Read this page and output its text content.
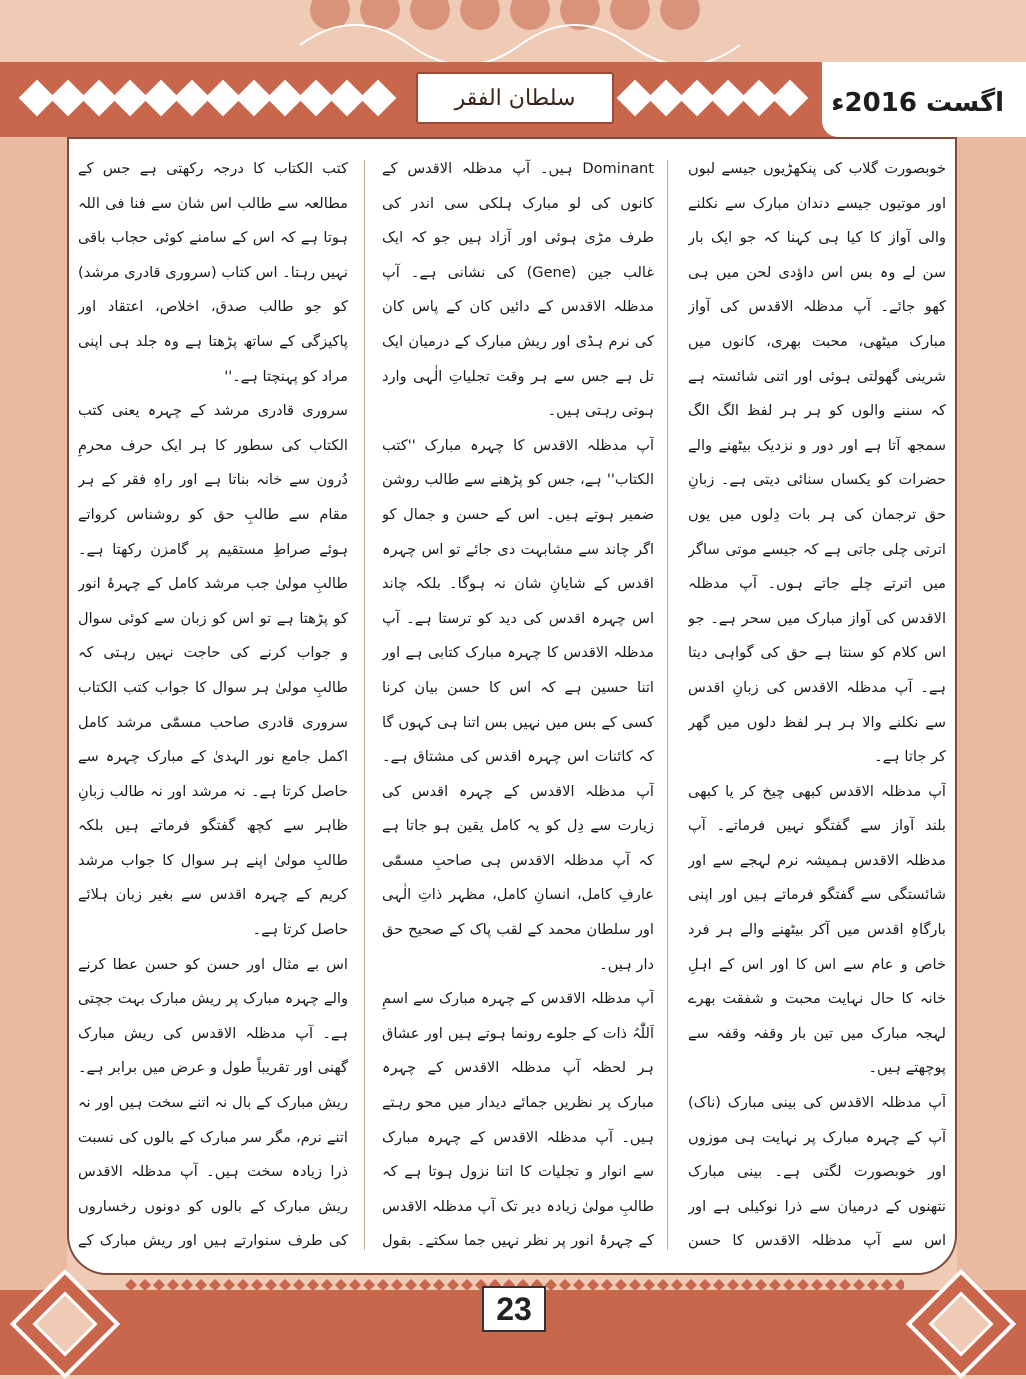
سلطان الفقر	اگست 2016ء

خوبصورت گلاب کی پنکھڑیوں جیسے لبوں اور موتیوں جیسے دندان مبارک سے نکلنے والی آواز کا کیا ہی کہنا کہ جو ایک بار سن لے وہ بس اس داؤدی لحن میں ہی کھو جائے۔ آپ مدظلہ الاقدس کی آواز مبارک میٹھی، محبت بھری، کانوں میں شرینی گھولتی ہوئی اور اتنی شائستہ ہے کہ سننے والوں کو ہر ہر لفظ الگ الگ سمجھ آتا ہے اور دور و نزدیک بیٹھنے والے حضرات کو یکساں سنائی دیتی ہے۔ زبانِ حق ترجمان کی ہر بات دِلوں میں یوں اترتی چلی جاتی ہے کہ جیسے موتی ساگر میں اترتے چلے جاتے ہوں۔ آپ مدظلہ الاقدس کی آواز مبارک میں سحر ہے۔ جو اس کلام کو سنتا ہے حق کی گواہی دیتا ہے۔ آپ مدظلہ الاقدس کی زبانِ اقدس سے نکلنے والا ہر ہر لفظ دلوں میں گھر کر جاتا ہے۔

آپ مدظلہ الاقدس کبھی چیخ کر یا کبھی بلند آواز سے گفتگو نہیں فرماتے۔ آپ مدظلہ الاقدس ہمیشہ نرم لہجے سے اور شائستگی سے گفتگو فرماتے ہیں اور اپنی بارگاہِ اقدس میں آکر بیٹھنے والے ہر فرد خاص و عام سے اس کا اور اس کے اہلِ خانہ کا حال نہایت محبت و شفقت بھرے لہجہ مبارک میں تین بار وقفہ وقفہ سے پوچھتے ہیں۔

آپ مدظلہ الاقدس کی بینی مبارک (ناک) آپ کے چہرہ مبارک پر نہایت ہی موزوں اور خوبصورت لگتی ہے۔ بینی مبارک نتھنوں کے درمیان سے ذرا نوکیلی ہے اور اس سے آپ مدظلہ الاقدس کا حسن

Dominant ہیں۔ آپ مدظلہ الاقدس کے کانوں کی لو مبارک ہلکی سی اندر کی طرف مڑی ہوئی اور آزاد ہیں جو کہ ایک غالب جین (Gene) کی نشانی ہے۔ آپ مدظلہ الاقدس کے دائیں کان کے پاس کان کی نرم ہڈی اور ریش مبارک کے درمیان ایک تل ہے جس سے ہر وقت تجلیاتِ الٰہی وارد ہوتی رہتی ہیں۔

آپ مدظلہ الاقدس کا چہرہ مبارک ''کتب الکتاب'' ہے، جس کو پڑھنے سے طالب روشن ضمیر ہوتے ہیں۔ اس کے حسن و جمال کو اگر چاند سے مشابہت دی جائے تو اس چہرہ اقدس کے شایانِ شان نہ ہوگا۔ بلکہ چاند اس چہرہ اقدس کی دید کو ترستا ہے۔ آپ مدظلہ الاقدس کا چہرہ مبارک کتابی ہے اور اتنا حسین ہے کہ اس کا حسن بیان کرنا کسی کے بس میں نہیں بس اتنا ہی کہوں گا کہ کائنات اس چہرہ اقدس کی مشتاق ہے۔ آپ مدظلہ الاقدس کے چہرہ اقدس کی زیارت سے دِل کو یہ کامل یقین ہو جاتا ہے کہ آپ مدظلہ الاقدس ہی صاحبِ مسمّٰی عارفِ کامل، انسانِ کامل، مظہر ذاتِ الٰہی اور سلطان محمد کے لقب پاک کے صحیح حق دار ہیں۔

آپ مدظلہ الاقدس کے چہرہ مبارک سے اسمِ اَللّٰہُ ذات کے جلوے رونما ہوتے ہیں اور عشاق ہر لحظہ آپ مدظلہ الاقدس کے چہرہ مبارک پر نظریں جمائے دیدار میں محو رہتے ہیں۔ آپ مدظلہ الاقدس کے چہرہ مبارک سے انوار و تجلیات کا اتنا نزول ہوتا ہے کہ طالبِ مولیٰ زیادہ دیر تک آپ مدظلہ الاقدس کے چہرۂ انور پر نظر نہیں جما سکتے۔ بقول

کتب الکتاب کا درجہ رکھتی ہے جس کے مطالعہ سے طالب اس شان سے فنا فی اللہ ہوتا ہے کہ اس کے سامنے کوئی حجاب باقی نہیں رہتا۔ اس کتاب (سروری قادری مرشد) کو جو طالب صدق، اخلاص، اعتقاد اور پاکیزگی کے ساتھ پڑھتا ہے وہ جلد ہی اپنی مراد کو پہنچتا ہے۔''

سروری قادری مرشد کے چہرہ یعنی کتب الکتاب کی سطور کا ہر ایک حرف محرمِ دُرون سے خانہ بناتا ہے اور راہِ فقر کے ہر مقام سے طالبِ حق کو روشناس کرواتے ہوئے صراطِ مستقیم پر گامزن رکھتا ہے۔ طالبِ مولیٰ جب مرشد کامل کے چہرۂ انور کو پڑھتا ہے تو اس کو زبان سے کوئی سوال و جواب کرنے کی حاجت نہیں رہتی کہ طالبِ مولیٰ ہر سوال کا جواب کتب الکتاب سروری قادری صاحب مسمّٰی مرشد کامل اکمل جامع نور الہدیٰ کے مبارک چہرہ سے حاصل کرتا ہے۔ نہ مرشد اور نہ طالب زبانِ ظاہر سے کچھ گفتگو فرماتے ہیں بلکہ طالبِ مولیٰ اپنے ہر سوال کا جواب مرشد کریم کے چہرہ اقدس سے بغیر زبان ہلائے حاصل کرتا ہے۔

اس بے مثال اور حسن کو حسن عطا کرنے والے چہرہ مبارک پر ریش مبارک بہت جچتی ہے۔ آپ مدظلہ الاقدس کی ریش مبارک گھنی اور تقریباً طول و عرض میں برابر ہے۔ ریش مبارک کے بال نہ اتنے سخت ہیں اور نہ اتنے نرم، مگر سر مبارک کے بالوں کی نسبت ذرا زیادہ سخت ہیں۔ آپ مدظلہ الاقدس ریش مبارک کے بالوں کو دونوں رخساروں کی طرف سنوارتے ہیں اور ریش مبارک کے

23
